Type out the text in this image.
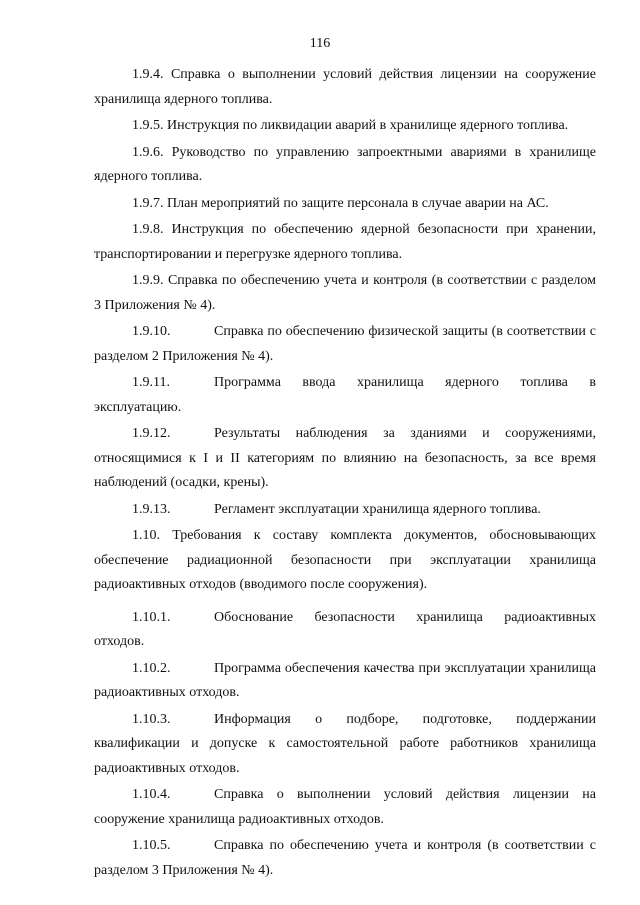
116

1.9.4. Справка о выполнении условий действия лицензии на сооружение хранилища ядерного топлива.

1.9.5. Инструкция по ликвидации аварий в хранилище ядерного топлива.

1.9.6. Руководство по управлению запроектными авариями в хранилище ядерного топлива.

1.9.7. План мероприятий по защите персонала в случае аварии на АС.

1.9.8. Инструкция по обеспечению ядерной безопасности при хранении, транспортировании и перегрузке ядерного топлива.

1.9.9. Справка по обеспечению учета и контроля (в соответствии с разделом 3 Приложения № 4).

1.9.10.	Справка по обеспечению физической защиты (в соответствии с разделом 2 Приложения № 4).

1.9.11.	Программа ввода хранилища ядерного топлива в эксплуатацию.

1.9.12.	Результаты наблюдения за зданиями и сооружениями, относящимися к I и II категориям по влиянию на безопасность, за все время наблюдений (осадки, крены).

1.9.13.	Регламент эксплуатации хранилища ядерного топлива.

1.10. Требования к составу комплекта документов, обосновывающих обеспечение радиационной безопасности при эксплуатации хранилища радиоактивных отходов (вводимого после сооружения).

1.10.1.	Обоснование безопасности хранилища радиоактивных отходов.

1.10.2.	Программа обеспечения качества при эксплуатации хранилища радиоактивных отходов.

1.10.3.	Информация о подборе, подготовке, поддержании квалификации и допуске к самостоятельной работе работников хранилища радиоактивных отходов.

1.10.4.	Справка о выполнении условий действия лицензии на сооружение хранилища радиоактивных отходов.

1.10.5.	Справка по обеспечению учета и контроля (в соответствии с разделом 3 Приложения № 4).
